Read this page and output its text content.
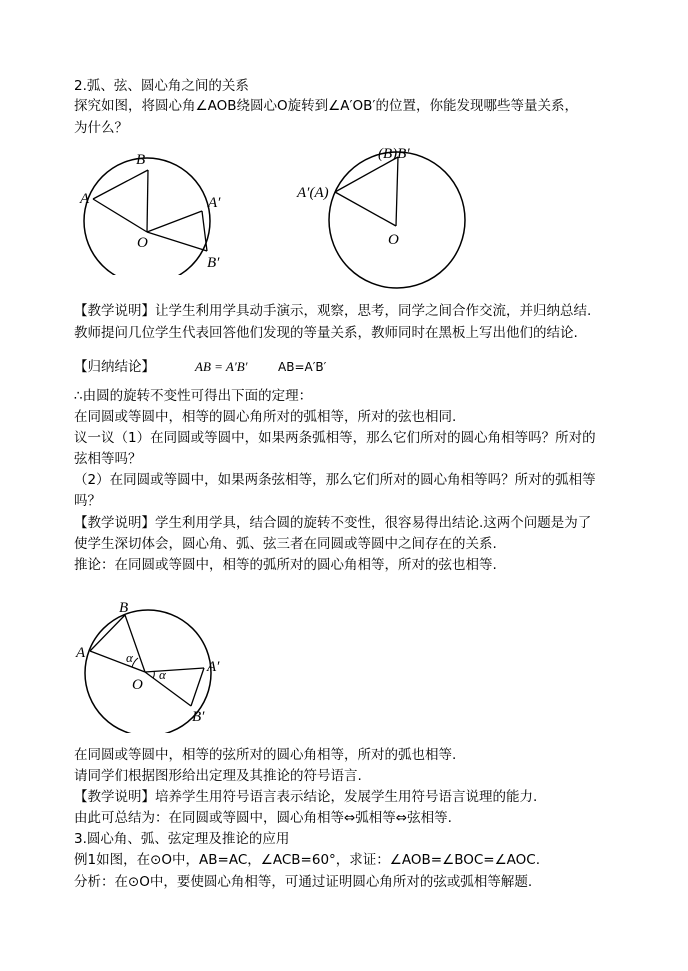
2.弧、弦、圆心角之间的关系
探究如图，将圆心角∠AOB绕圆心O旋转到∠A′OB′的位置，你能发现哪些等量关系，
为什么？
A
B
A′
B′
O
(B)B′
A′(A)
O
【教学说明】让学生利用学具动手演示，观察，思考，同学之间合作交流，并归纳总结.
教师提问几位学生代表回答他们发现的等量关系，教师同时在黑板上写出他们的结论.
【归纳结论】	AB = A′B′	AB=A′B′
∴由圆的旋转不变性可得出下面的定理：
在同圆或等圆中，相等的圆心角所对的弧相等，所对的弦也相同.
议一议（1）在同圆或等圆中，如果两条弧相等，那么它们所对的圆心角相等吗？所对的
弦相等吗？
（2）在同圆或等圆中，如果两条弦相等，那么它们所对的圆心角相等吗？所对的弧相等
吗？
【教学说明】学生利用学具，结合圆的旋转不变性，很容易得出结论.这两个问题是为了
使学生深切体会，圆心角、弧、弦三者在同圆或等圆中之间存在的关系.
推论：在同圆或等圆中，相等的弧所对的圆心角相等，所对的弦也相等.
A
B
A′
B′
O
α
α
在同圆或等圆中，相等的弦所对的圆心角相等，所对的弧也相等.
请同学们根据图形给出定理及其推论的符号语言.
【教学说明】培养学生用符号语言表示结论，发展学生用符号语言说理的能力.
由此可总结为：在同圆或等圆中，圆心角相等⇔弧相等⇔弦相等.
3.圆心角、弧、弦定理及推论的应用
例1如图，在⊙O中，AB=AC，∠ACB=60°，求证：∠AOB=∠BOC=∠AOC.
分析：在⊙O中，要使圆心角相等，可通过证明圆心角所对的弦或弧相等解题.
